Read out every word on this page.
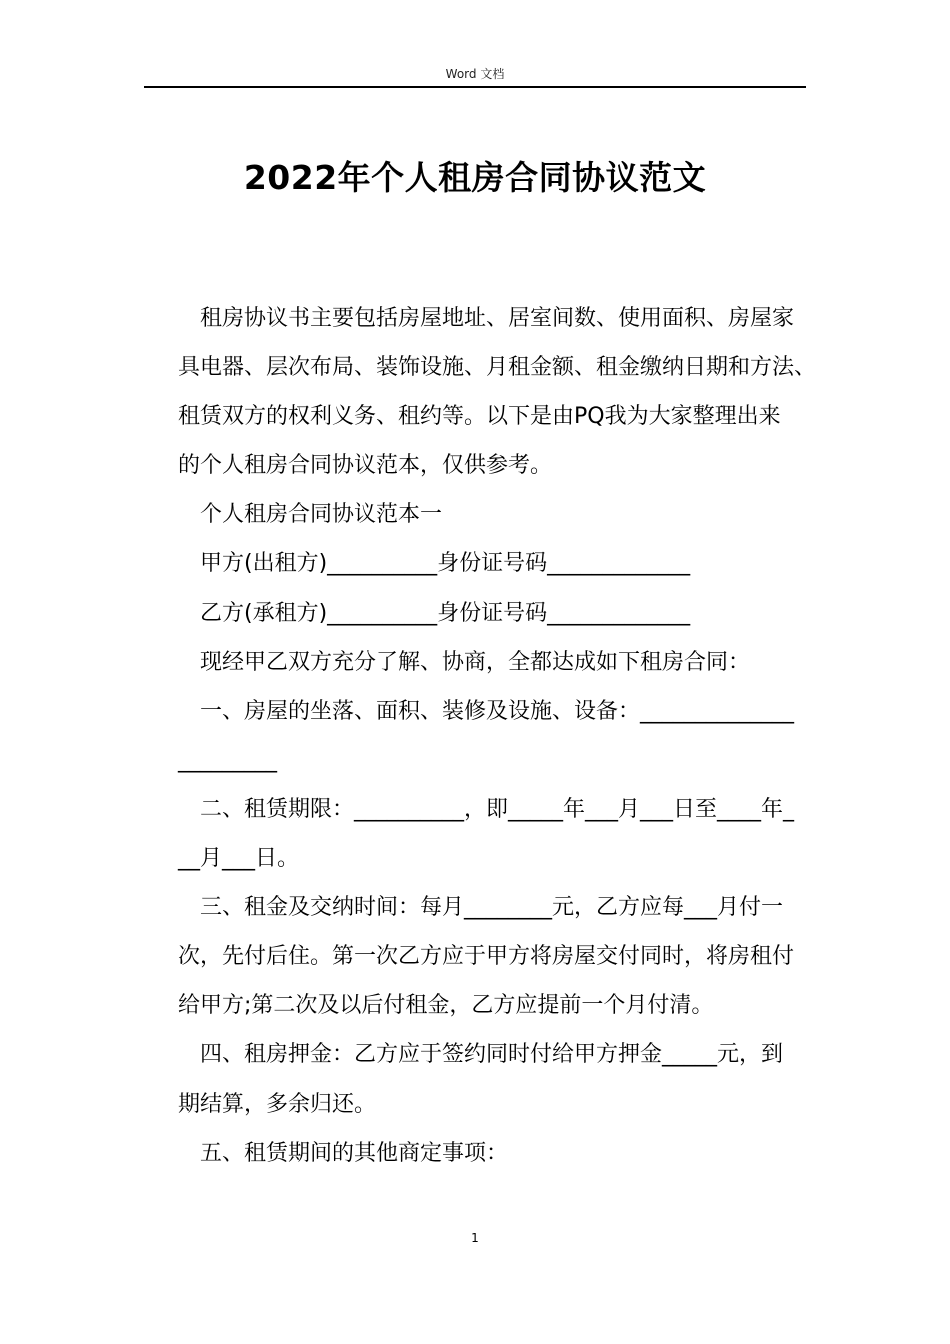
Word 文档
2022年个人租房合同协议范文
租房协议书主要包括房屋地址、居室间数、使用面积、房屋家
具电器、层次布局、装饰设施、月租金额、租金缴纳日期和方法、
租赁双方的权利义务、租约等。以下是由PQ我为大家整理出来
的个人租房合同协议范本，仅供参考。
个人租房合同协议范本一
甲方(出租方)__________身份证号码_____________
乙方(承租方)__________身份证号码_____________
现经甲乙双方充分了解、协商，全都达成如下租房合同：
一、房屋的坐落、面积、装修及设施、设备：______________
_________
二、租赁期限：__________，即_____年___月___日至____年_
__月___日。
三、租金及交纳时间：每月________元，乙方应每___月付一
次，先付后住。第一次乙方应于甲方将房屋交付同时，将房租付
给甲方;第二次及以后付租金，乙方应提前一个月付清。
四、租房押金：乙方应于签约同时付给甲方押金_____元，到
期结算，多余归还。
五、租赁期间的其他商定事项：
1
